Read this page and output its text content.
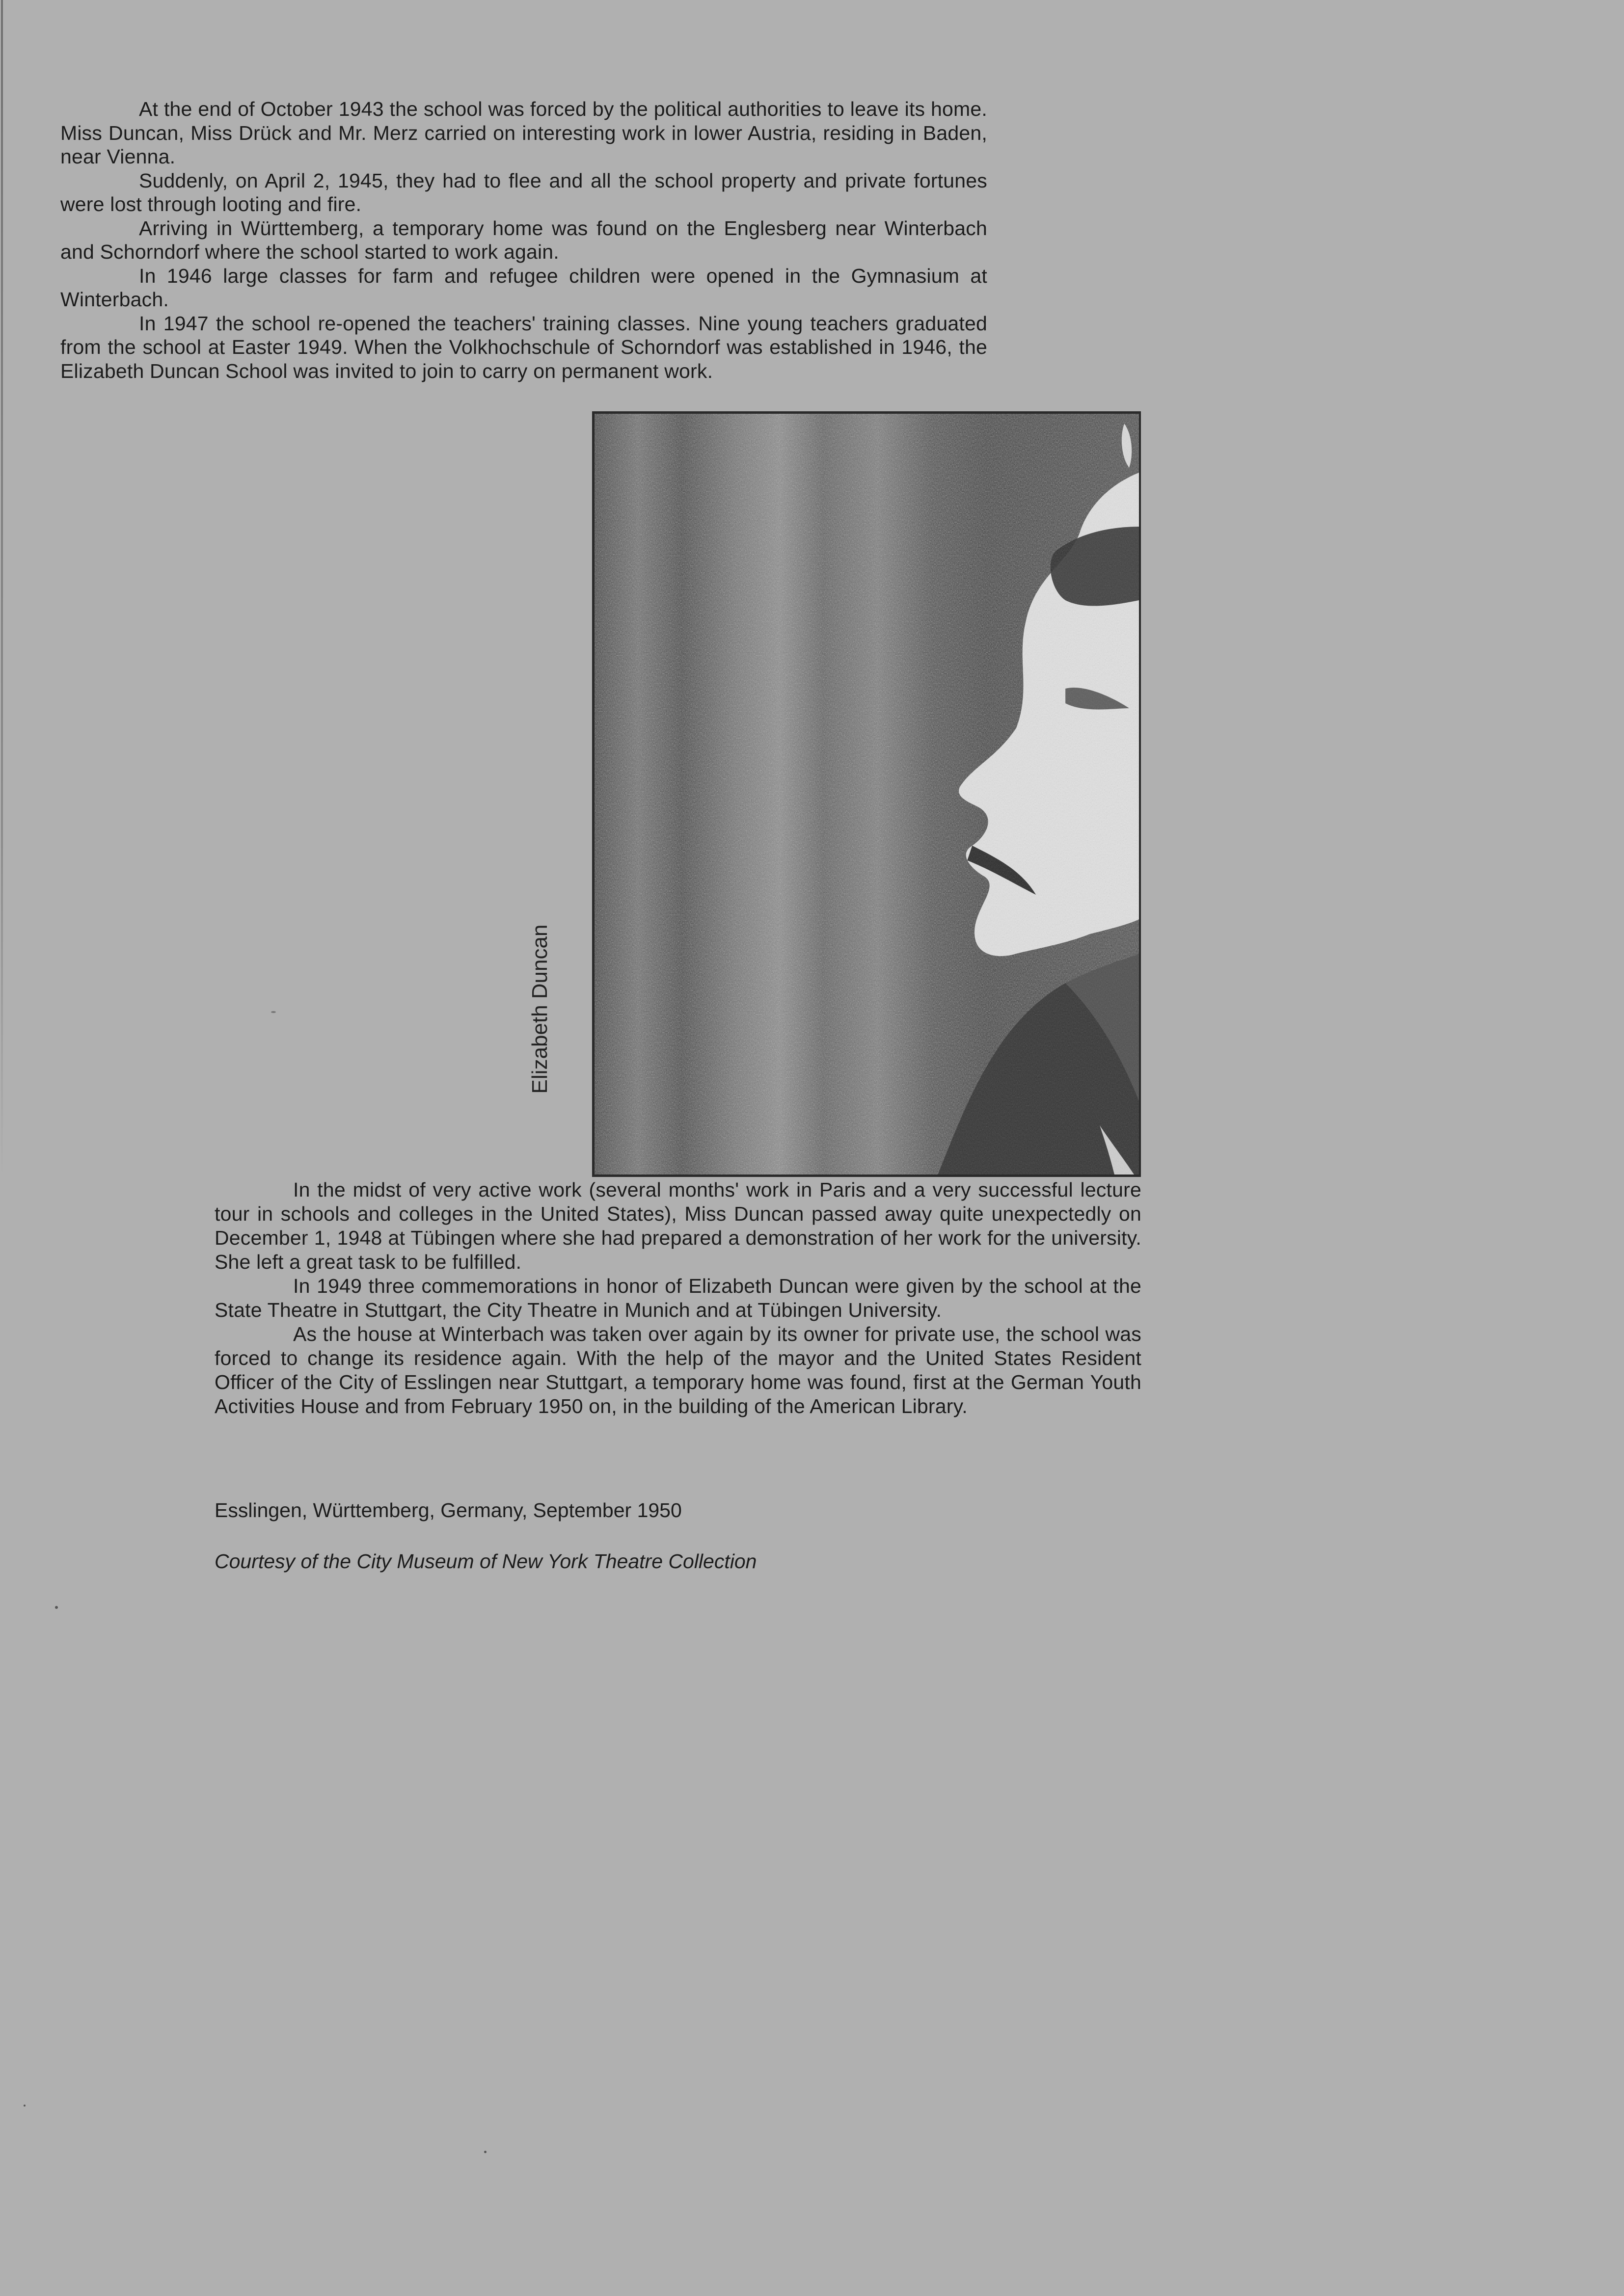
At the end of October 1943 the school was forced by the political authorities to leave its home. Miss Duncan, Miss Drück and Mr. Merz carried on interesting work in lower Austria, residing in Baden, near Vienna.

Suddenly, on April 2, 1945, they had to flee and all the school property and private fortunes were lost through looting and fire.

Arriving in Württemberg, a temporary home was found on the Englesberg near Winterbach and Schorndorf where the school started to work again.

In 1946 large classes for farm and refugee children were opened in the Gymnasium at Winterbach.

In 1947 the school re-opened the teachers' training classes. Nine young teachers graduated from the school at Easter 1949. When the Volkhochschule of Schorndorf was established in 1946, the Elizabeth Duncan School was invited to join to carry on permanent work.

Elizabeth Duncan

In the midst of very active work (several months' work in Paris and a very successful lecture tour in schools and colleges in the United States), Miss Duncan passed away quite unexpectedly on December 1, 1948 at Tübingen where she had prepared a demonstration of her work for the university. She left a great task to be fulfilled.

In 1949 three commemorations in honor of Elizabeth Duncan were given by the school at the State Theatre in Stuttgart, the City Theatre in Munich and at Tübingen University.

As the house at Winterbach was taken over again by its owner for private use, the school was forced to change its residence again. With the help of the mayor and the United States Resident Officer of the City of Esslingen near Stuttgart, a temporary home was found, first at the German Youth Activities House and from February 1950 on, in the building of the American Library.

Esslingen, Württemberg, Germany, September 1950
Courtesy of the City Museum of New York Theatre Collection
